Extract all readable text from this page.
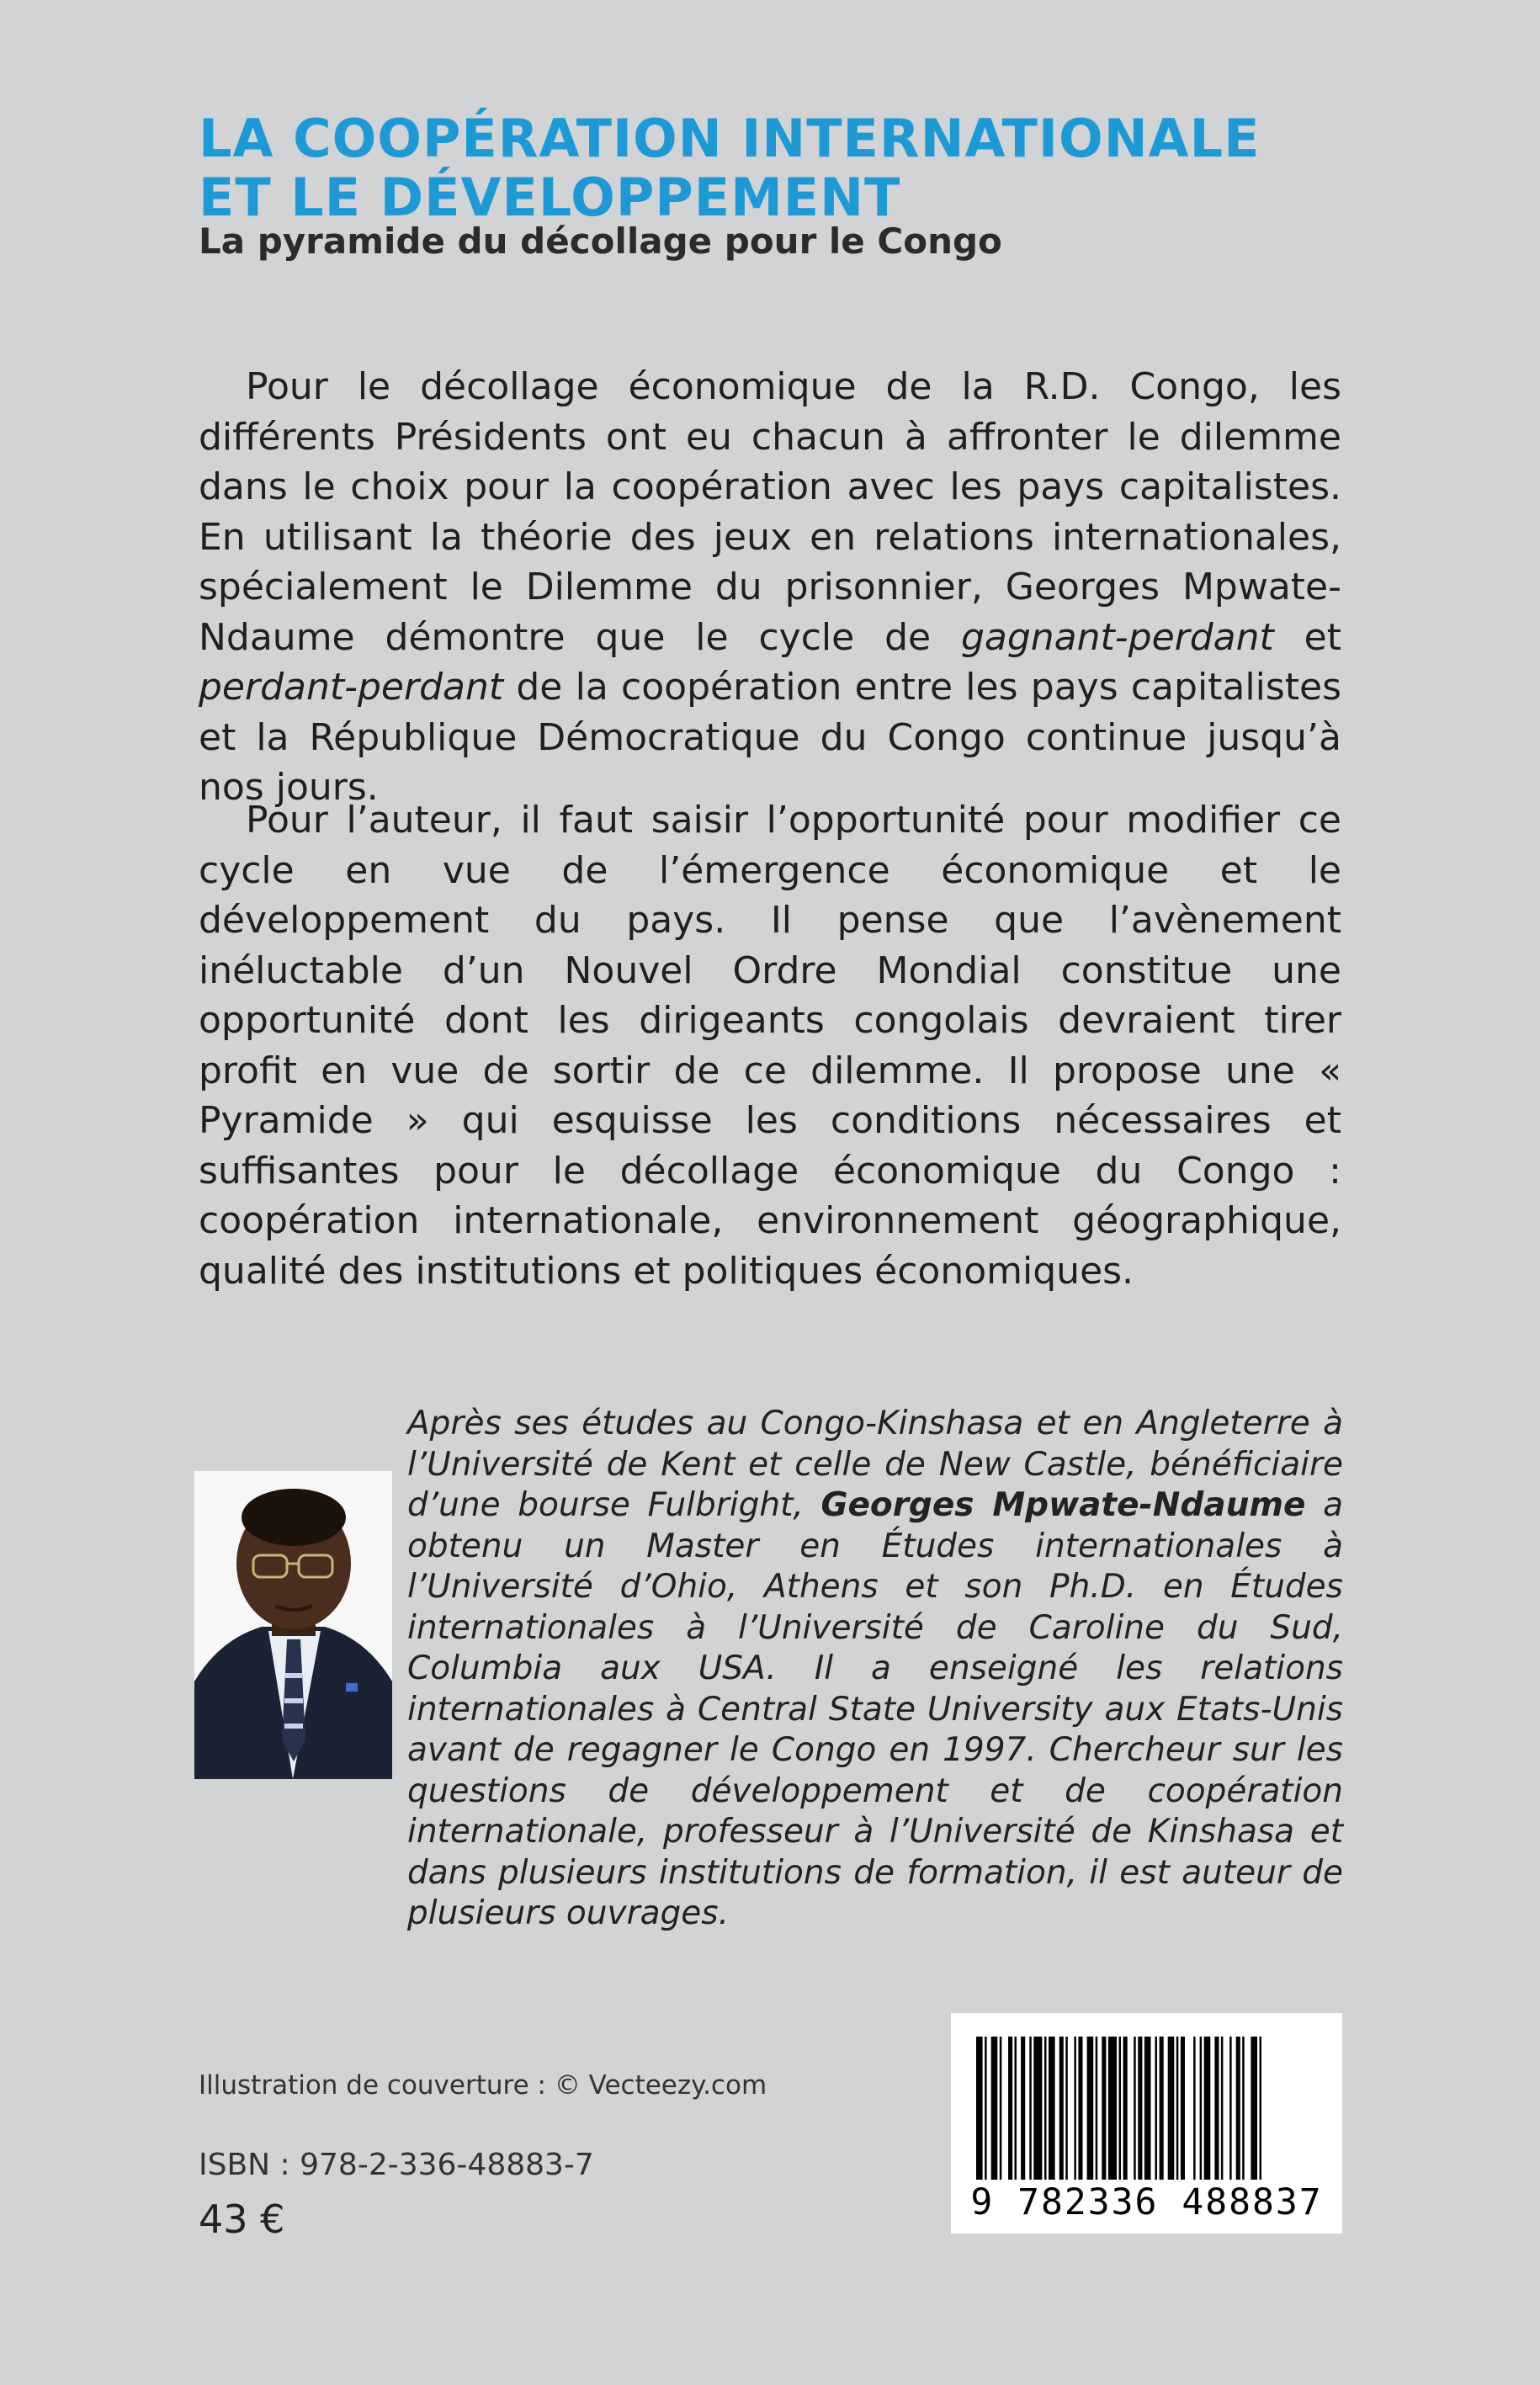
LA COOPÉRATION INTERNATIONALE
ET LE DÉVELOPPEMENT
La pyramide du décollage pour le Congo

Pour le décollage économique de la R.D. Congo, les différents Présidents ont eu chacun à affronter le dilemme dans le choix pour la coopération avec les pays capitalistes. En utilisant la théorie des jeux en relations internationales, spécialement le Dilemme du prisonnier, Georges Mpwate-Ndaume démontre que le cycle de gagnant-perdant et perdant-perdant de la coopération entre les pays capitalistes et la République Démocratique du Congo continue jusqu’à nos jours.

Pour l’auteur, il faut saisir l’opportunité pour modifier ce cycle en vue de l’émergence économique et le développement du pays. Il pense que l’avènement inéluctable d’un Nouvel Ordre Mondial constitue une opportunité dont les dirigeants congolais devraient tirer profit en vue de sortir de ce dilemme. Il propose une « Pyramide » qui esquisse les conditions nécessaires et suffisantes pour le décollage économique du Congo : coopération internationale, environnement géographique, qualité des institutions et politiques économiques.

Après ses études au Congo-Kinshasa et en Angleterre à l’Université de Kent et celle de New Castle, bénéficiaire d’une bourse Fulbright, Georges Mpwate-Ndaume a obtenu un Master en Études internationales à l’Université d’Ohio, Athens et son Ph.D. en Études internationales à l’Université de Caroline du Sud, Columbia aux USA. Il a enseigné les relations internationales à Central State University aux Etats-Unis avant de regagner le Congo en 1997. Chercheur sur les questions de développement et de coopération internationale, professeur à l’Université de Kinshasa et dans plusieurs institutions de formation, il est auteur de plusieurs ouvrages.

Illustration de couverture : © Vecteezy.com
ISBN : 978-2-336-48883-7
43 €	9 782336 488837
